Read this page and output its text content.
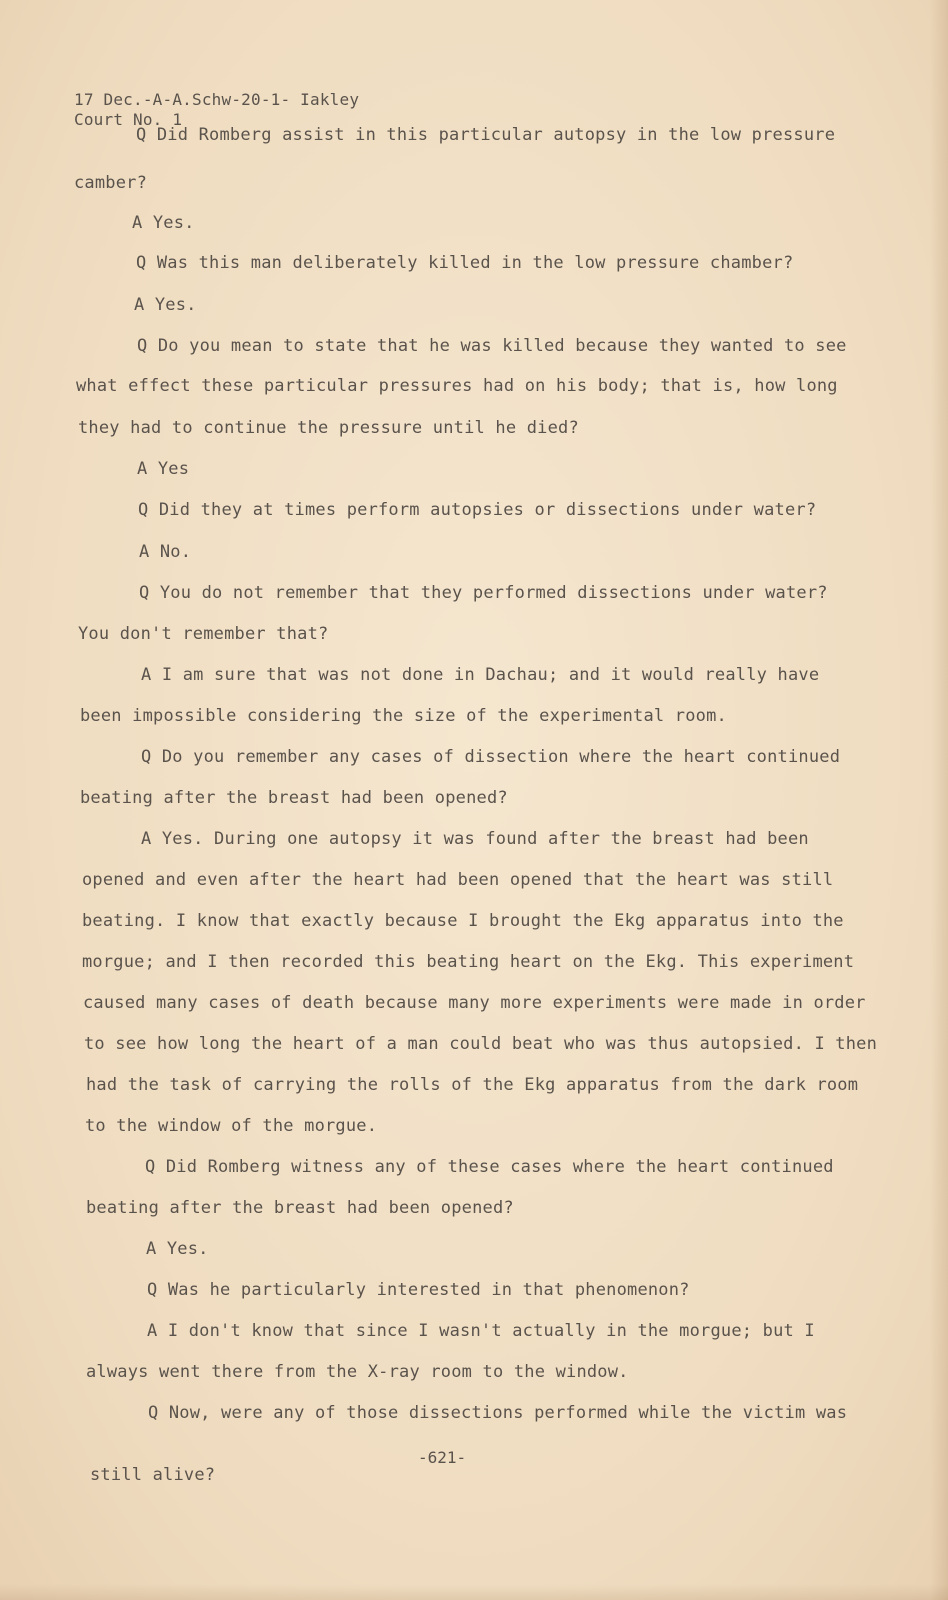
17 Dec.-A-A.Schw-20-1- Iakley
Court No. 1
Q Did Romberg assist in this particular autopsy in the low pressure
camber?
A Yes.
Q Was this man deliberately killed in the low pressure chamber?
A Yes.
Q Do you mean to state that he was killed because they wanted to see
what effect these particular pressures had on his body; that is, how long
they had to continue the pressure until he died?
A Yes
Q Did they at times perform autopsies or dissections under water?
A No.
Q You do not remember that they performed dissections under water?
You don't remember that?
A I am sure that was not done in Dachau; and it would really have
been impossible considering the size of the experimental room.
Q Do you remember any cases of dissection where the heart continued
beating after the breast had been opened?
A Yes. During one autopsy it was found after the breast had been
opened and even after the heart had been opened that the heart was still
beating. I know that exactly because I brought the Ekg apparatus into the
morgue; and I then recorded this beating heart on the Ekg. This experiment
caused many cases of death because many more experiments were made in order
to see how long the heart of a man could beat who was thus autopsied. I then
had the task of carrying the rolls of the Ekg apparatus from the dark room
to the window of the morgue.
Q Did Romberg witness any of these cases where the heart continued
beating after the breast had been opened?
A Yes.
Q Was he particularly interested in that phenomenon?
A I don't know that since I wasn't actually in the morgue; but I
always went there from the X-ray room to the window.
Q Now, were any of those dissections performed while the victim was
still alive?
-621-
